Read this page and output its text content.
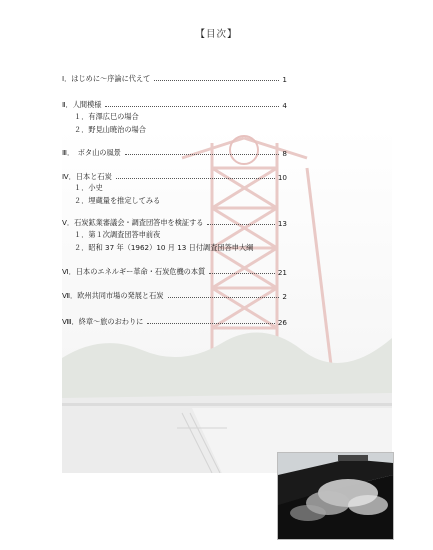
【目次】
Ⅰ．はじめに～序論に代えて	1
Ⅱ．人間模様	4
１．有澤広巳の場合
２．野見山暁治の場合
Ⅲ．　ボタ山の風景	8
Ⅳ．日本と石炭	10
１．小史
２．埋蔵量を推定してみる
Ⅴ．石炭鉱業審議会・調査団答申を検証する	13
１．第１次調査団答申前夜
２．昭和 37 年（1962）10 月 13 日付調査団答申大綱
Ⅵ．日本のエネルギー革命・石炭危機の本質	21
Ⅶ．欧州共同市場の発展と石炭	2
Ⅷ．終章～旅のおわりに	26
